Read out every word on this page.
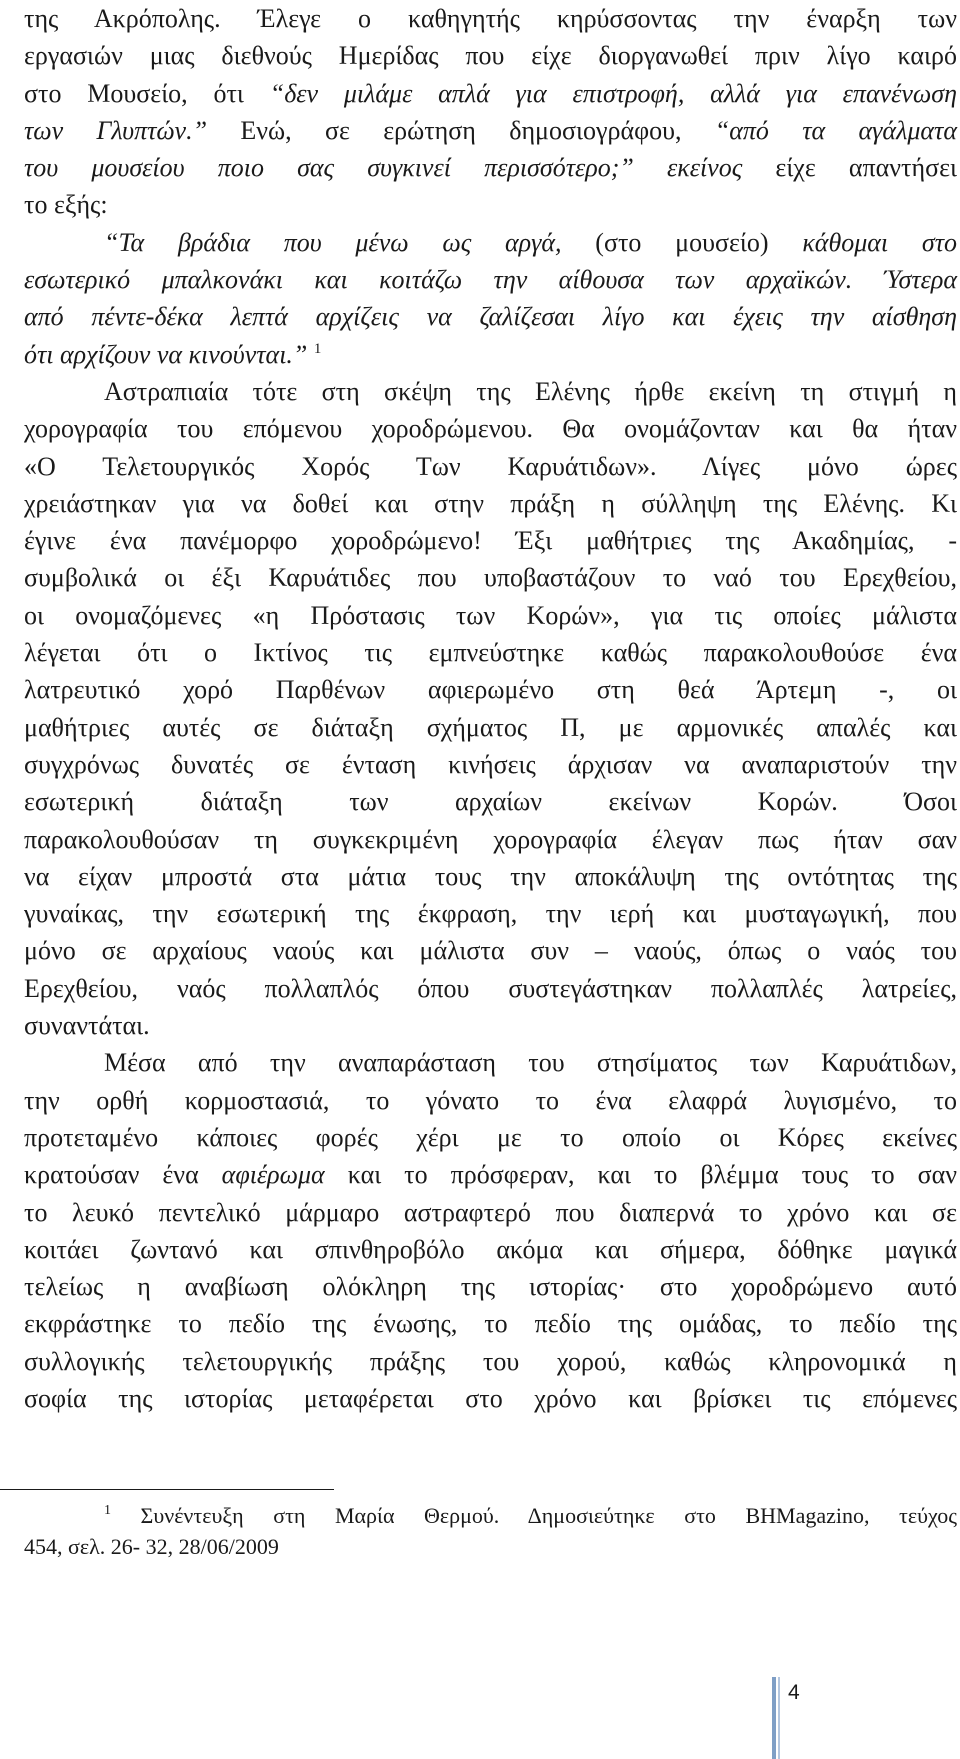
της Ακρόπολης. Έλεγε ο καθηγητής κηρύσσοντας την έναρξη των
εργασιών μιας διεθνούς Ημερίδας που είχε διοργανωθεί πριν λίγο καιρό
στο Μουσείο, ότι “δεν μιλάμε απλά για επιστροφή, αλλά για επανένωση
των Γλυπτών.” Ενώ, σε ερώτηση δημοσιογράφου, “από τα αγάλματα
του μουσείου ποιο σας συγκινεί περισσότερο;” εκείνος είχε απαντήσει
το εξής:
“Τα βράδια που μένω ως αργά, (στο μουσείο) κάθομαι στο
εσωτερικό μπαλκονάκι και κοιτάζω την αίθουσα των αρχαϊκών. Ύστερα
από πέντε-δέκα λεπτά αρχίζεις να ζαλίζεσαι λίγο και έχεις την αίσθηση
ότι αρχίζουν να κινούνται.” $^1$
Αστραπιαία τότε στη σκέψη της Ελένης ήρθε εκείνη τη στιγμή η
χορογραφία του επόμενου χοροδρώμενου. Θα ονομάζονταν και θα ήταν
«Ο Τελετουργικός Χορός Των Καρυάτιδων». Λίγες μόνο ώρες
χρειάστηκαν για να δοθεί και στην πράξη η σύλληψη της Ελένης. Κι
έγινε ένα πανέμορφο χοροδρώμενο! Έξι μαθήτριες της Ακαδημίας, -
συμβολικά οι έξι Καρυάτιδες που υποβαστάζουν το ναό του Ερεχθείου,
οι ονομαζόμενες «η Πρόστασις των Κορών», για τις οποίες μάλιστα
λέγεται ότι ο Ικτίνος τις εμπνεύστηκε καθώς παρακολουθούσε ένα
λατρευτικό χορό Παρθένων αφιερωμένο στη θεά Άρτεμη -, οι
μαθήτριες αυτές σε διάταξη σχήματος Π, με αρμονικές απαλές και
συγχρόνως δυνατές σε ένταση κινήσεις άρχισαν να αναπαριστούν την
εσωτερική διάταξη των αρχαίων εκείνων Κορών. Όσοι
παρακολουθούσαν τη συγκεκριμένη χορογραφία έλεγαν πως ήταν σαν
να είχαν μπροστά στα μάτια τους την αποκάλυψη της οντότητας της
γυναίκας, την εσωτερική της έκφραση, την ιερή και μυσταγωγική, που
μόνο σε αρχαίους ναούς και μάλιστα συν – ναούς, όπως ο ναός του
Ερεχθείου, ναός πολλαπλός όπου συστεγάστηκαν πολλαπλές λατρείες,
συναντάται.
Μέσα από την αναπαράσταση του στησίματος των Καρυάτιδων,
την ορθή κορμοστασιά, το γόνατο το ένα ελαφρά λυγισμένο, το
προτεταμένο κάποιες φορές χέρι με το οποίο οι Κόρες εκείνες
κρατούσαν ένα αφιέρωμα και το πρόσφεραν, και το βλέμμα τους το σαν
το λευκό πεντελικό μάρμαρο αστραφτερό που διαπερνά το χρόνο και σε
κοιτάει ζωντανό και σπινθηροβόλο ακόμα και σήμερα, δόθηκε μαγικά
τελείως η αναβίωση ολόκληρη της ιστορίας· στο χοροδρώμενο αυτό
εκφράστηκε το πεδίο της ένωσης, το πεδίο της ομάδας, το πεδίο της
συλλογικής τελετουργικής πράξης του χορού, καθώς κληρονομικά η
σοφία της ιστορίας μεταφέρεται στο χρόνο και βρίσκει τις επόμενες
$^1$ Συνέντευξη στη Μαρία Θερμού. Δημοσιεύτηκε στο BHMagazino, τεύχος
454, σελ. 26- 32, 28/06/2009
4
